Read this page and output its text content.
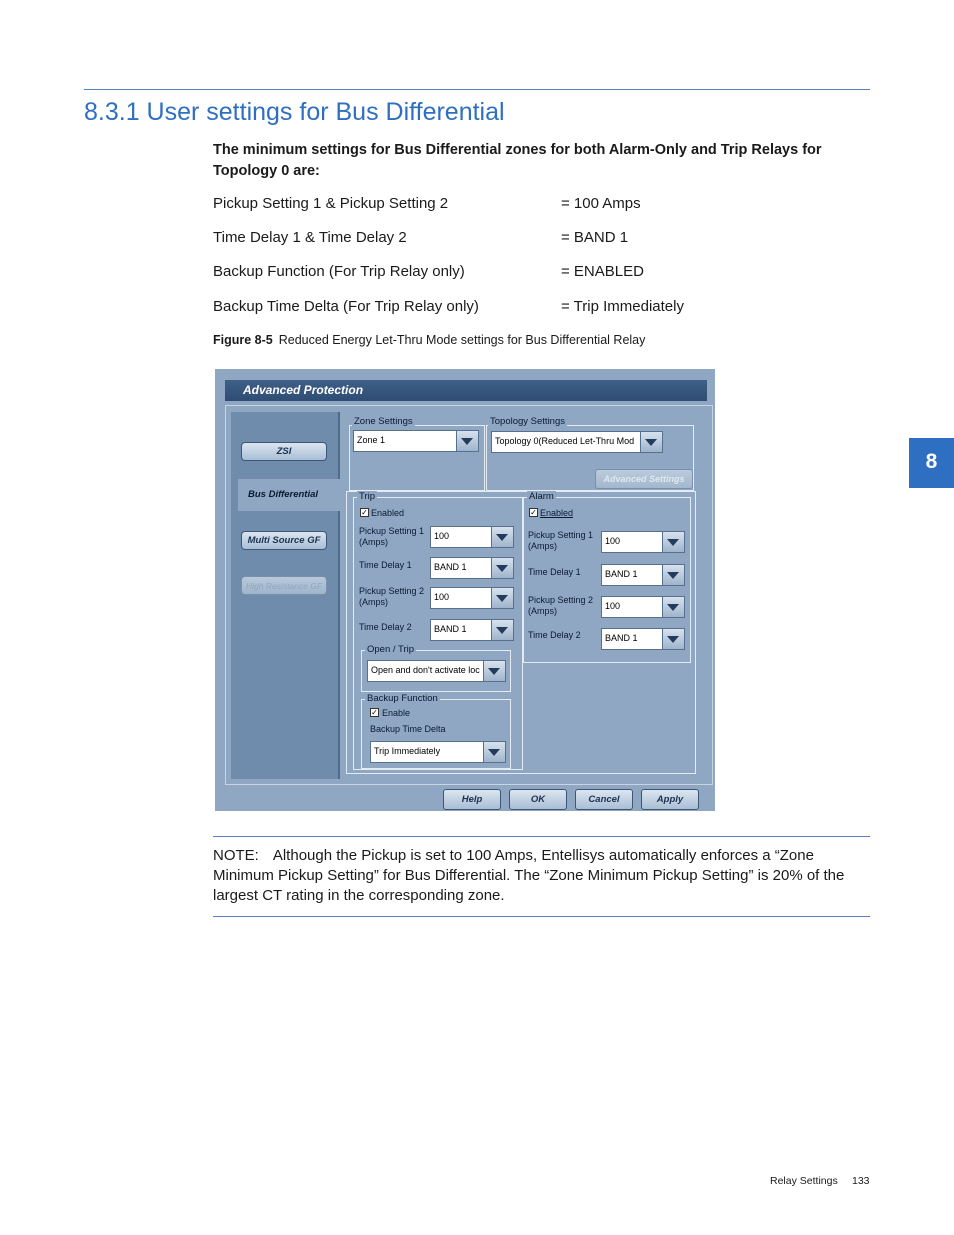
8.3.1 User settings for Bus Differential
The minimum settings for Bus Differential zones for both Alarm-Only and Trip Relays for Topology 0 are:
Pickup Setting 1 & Pickup Setting 2	= 100 Amps
Time Delay 1 & Time Delay 2	= BAND 1
Backup Function (For Trip Relay only)	= ENABLED
Backup Time Delta (For Trip Relay only)	= Trip Immediately
Figure 8-5 Reduced Energy Let-Thru Mode settings for Bus Differential Relay
8
Advanced Protection
ZSI
Bus Differential
Multi Source GF
High Resistance GF
Zone Settings
Zone 1
Topology Settings
Topology 0(Reduced Let-Thru Mod
Advanced Settings
Trip
✓ Enabled
Pickup Setting 1
(Amps)
100
Time Delay 1	BAND 1
Pickup Setting 2
(Amps)	100
Time Delay 2	BAND 1
Open / Trip
Open and don't activate loc
Backup Function
✓ Enable
Backup Time Delta
Trip Immediately
Alarm
✓ Enabled
Pickup Setting 1
(Amps)	100
Time Delay 1	BAND 1
Pickup Setting 2
(Amps)	100
Time Delay 2	BAND 1
Help	OK	Cancel	Apply
NOTE: Although the Pickup is set to 100 Amps, Entellisys automatically enforces a “Zone Minimum Pickup Setting” for Bus Differential. The “Zone Minimum Pickup Setting” is 20% of the largest CT rating in the corresponding zone.
Relay Settings 133
